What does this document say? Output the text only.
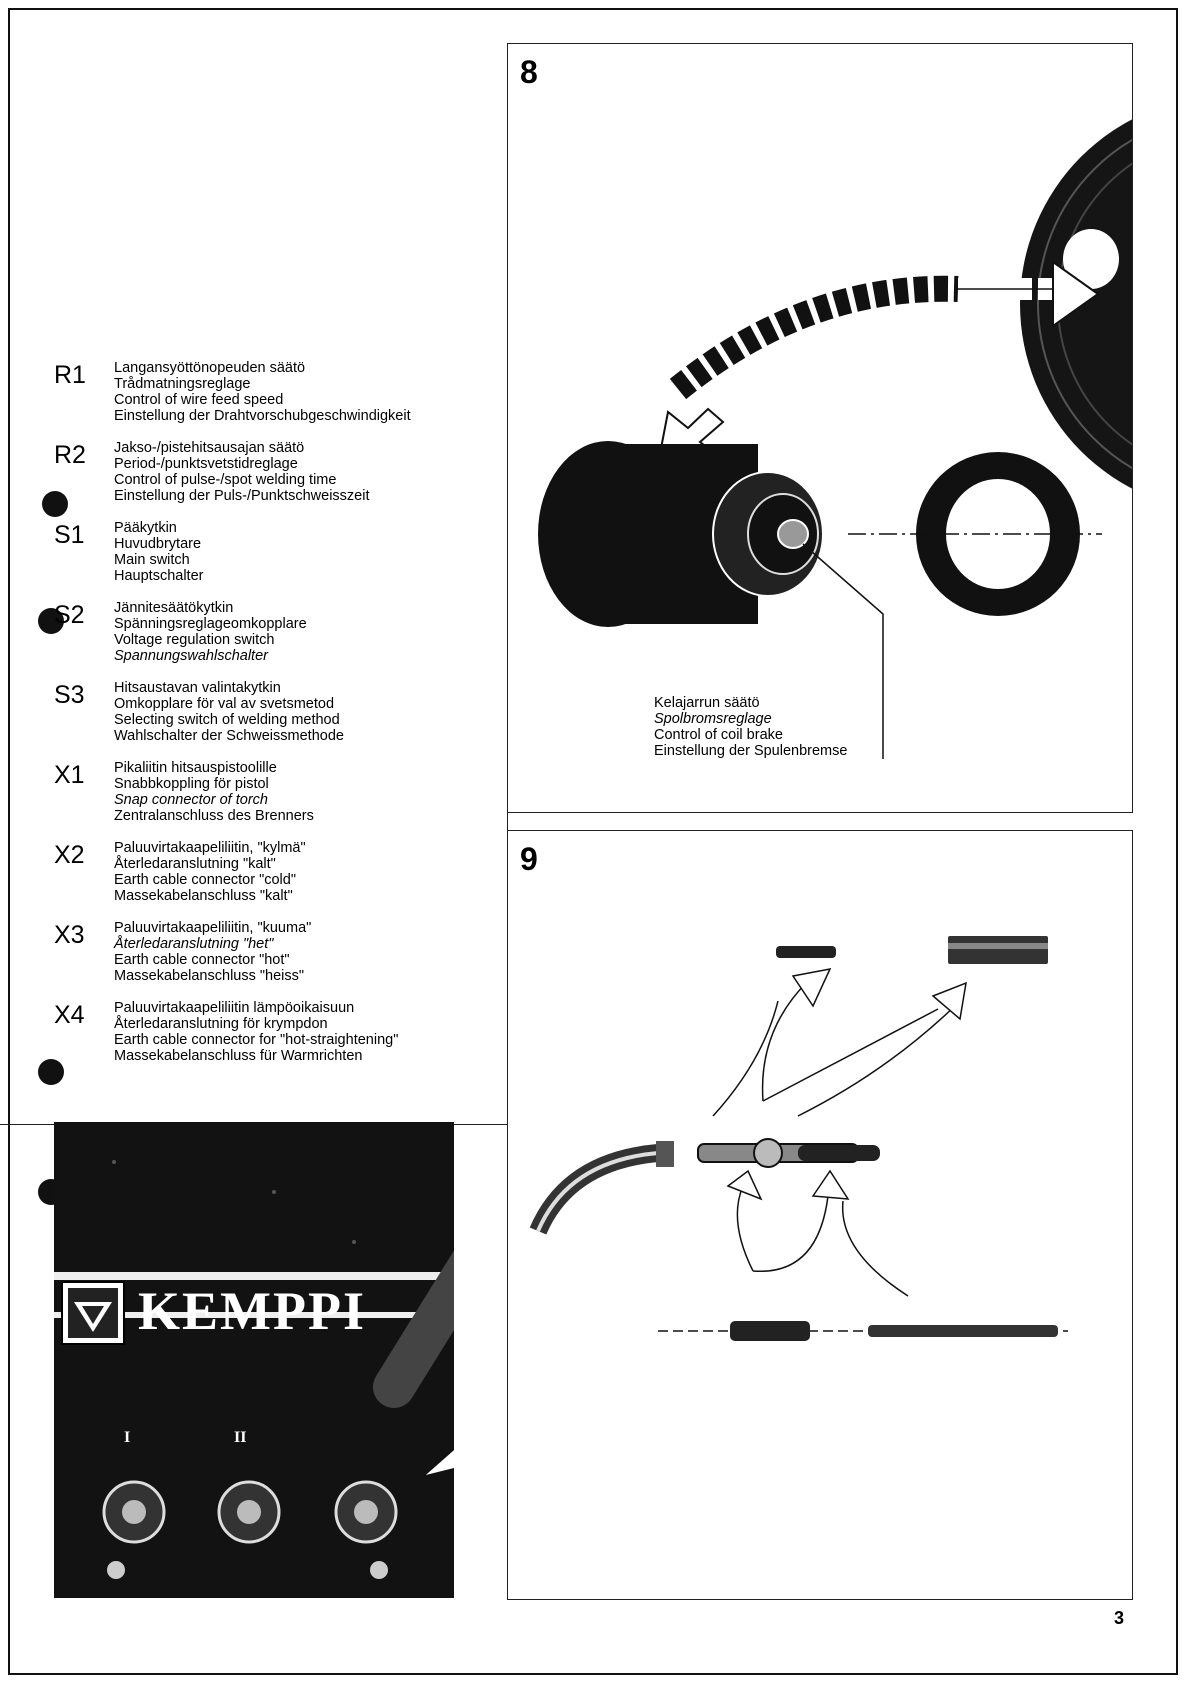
R1	Langansyöttönopeuden säätö
Trådmatningsreglage
Control of wire feed speed
Einstellung der Drahtvorschubgeschwindigkeit
R2	Jakso-/pistehitsausajan säätö
Period-/punktsvetstidreglage
Control of pulse-/spot welding time
Einstellung der Puls-/Punktschweisszeit
S1	Pääkytkin
Huvudbrytare
Main switch
Hauptschalter
S2	Jännitesäätökytkin
Spänningsreglageomkopplare
Voltage regulation switch
Spannungswahlschalter
S3	Hitsaustavan valintakytkin
Omkopplare för val av svetsmetod
Selecting switch of welding method
Wahlschalter der Schweissmethode
X1	Pikaliitin hitsauspistoolille
Snabbkoppling för pistol
Snap connector of torch
Zentralanschluss des Brenners
X2	Paluuvirtakaapeliliitin, "kylmä"
Återledaranslutning "kalt"
Earth cable connector "cold"
Massekabelanschluss "kalt"
X3	Paluuvirtakaapeliliitin, "kuuma"
Återledaranslutning "het"
Earth cable connector "hot"
Massekabelanschluss "heiss"
X4	Paluuvirtakaapeliliitin lämpöoikaisuun
Återledaranslutning för krympdon
Earth cable connector for "hot-straightening"
Massekabelanschluss für Warmrichten
8
Kelajarrun säätö
Spolbromsreglage
Control of coil brake
Einstellung der Spulenbremse
9
I	II
KEMPPI
3
